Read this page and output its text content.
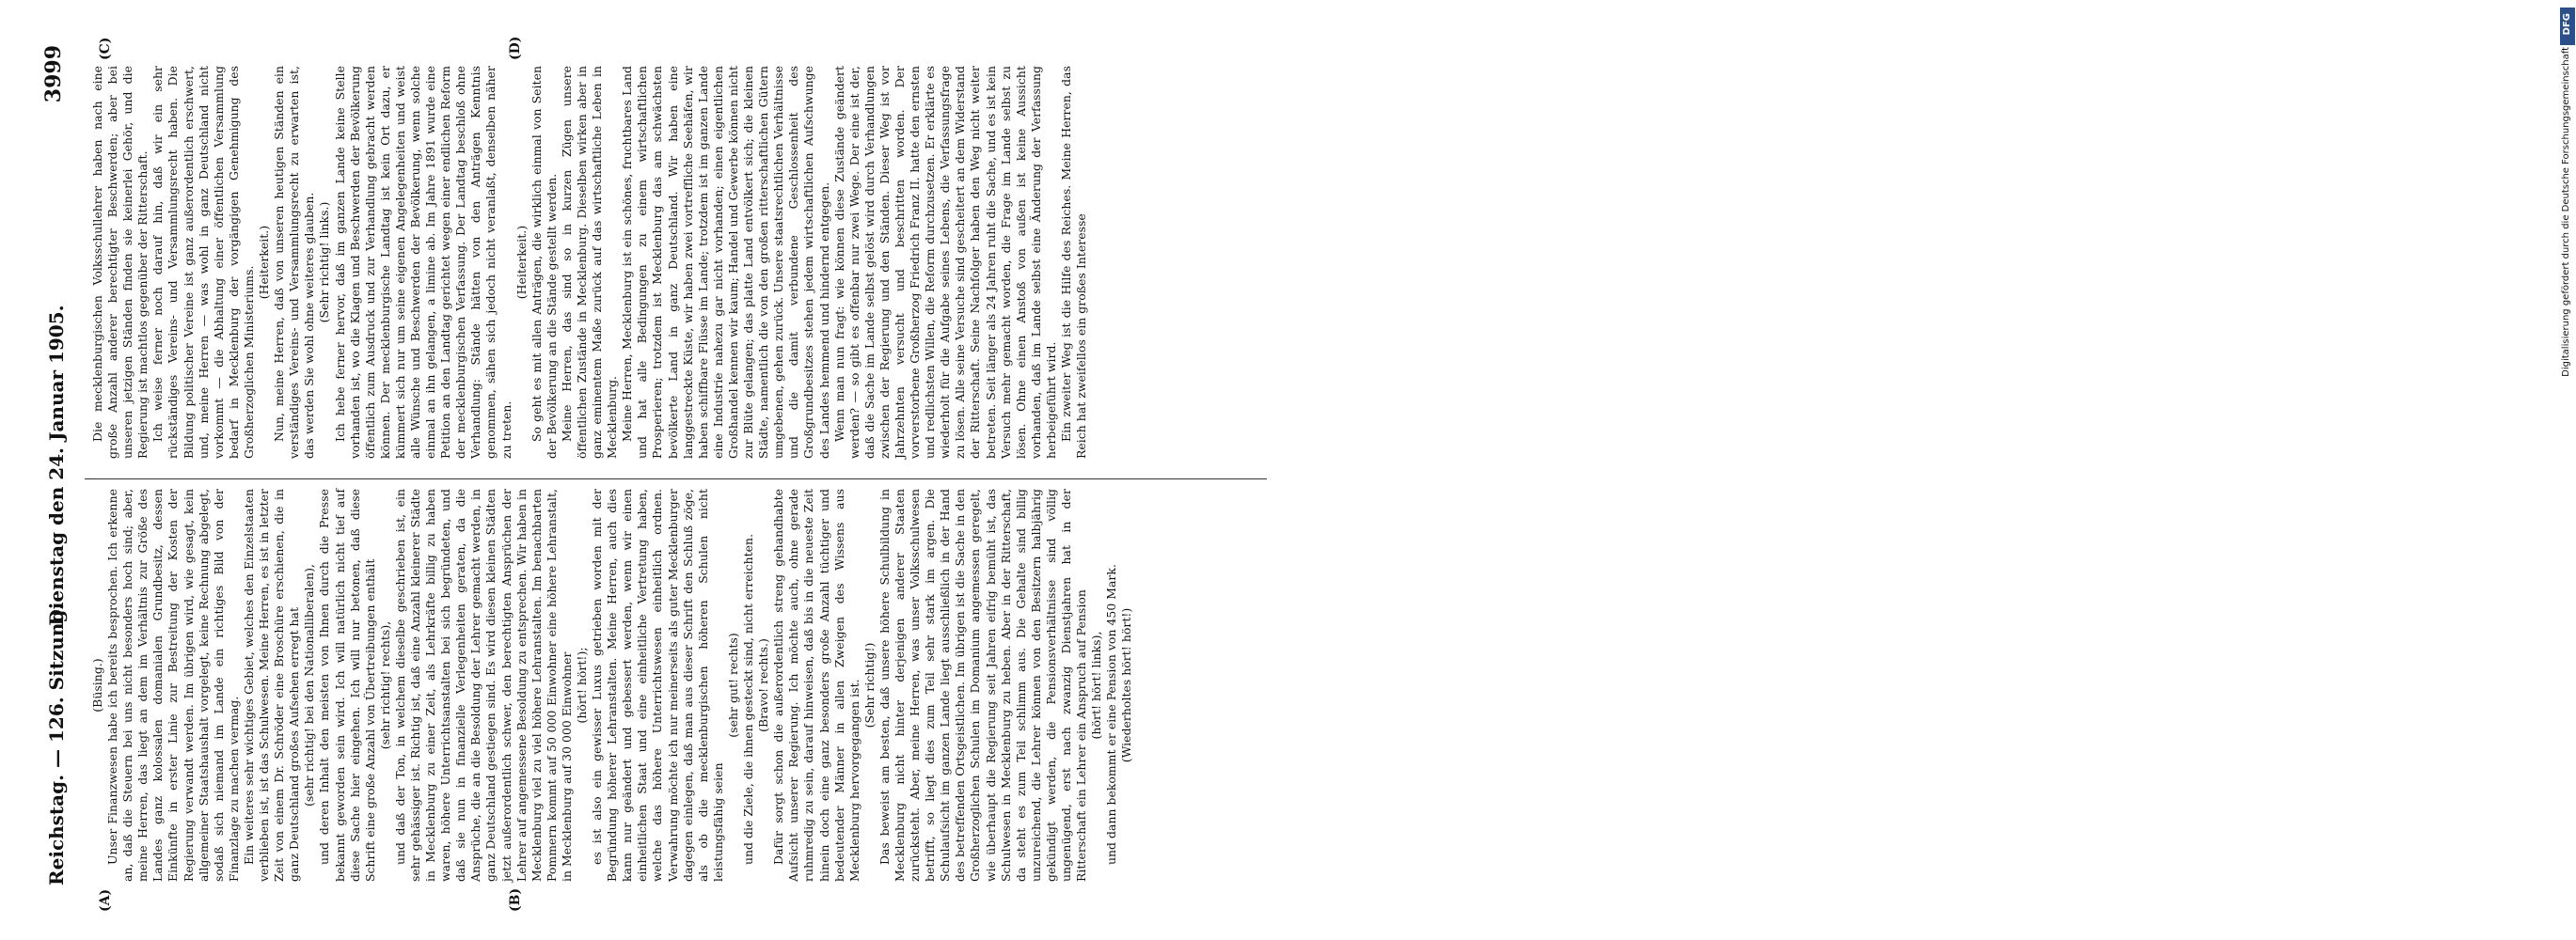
Reichstag. — 126. Sitzung.
Dienstag den 24. Januar 1905.
3999
(A)	(B)
(C)	(D)

(Büsing.) Unser Finanzwesen habe ich bereits besprochen. Ich erkenne an, daß die Steuern bei uns nicht besonders hoch sind; aber, meine Herren, das liegt an dem im Verhältnis zur Größe des Landes ganz kolossalen domanialen Grundbesitz, dessen Einkünfte in erster Linie zur Bestreitung der Kosten der Regierung verwandt werden. Im übrigen wird, wie gesagt, kein allgemeiner Staatshaushalt vorgelegt, keine Rechnung abgelegt, sodaß sich niemand im Lande ein richtiges Bild von der Finanzlage zu machen vermag. Ein weiteres sehr wichtiges Gebiet, welches den Einzelstaaten verblieben ist, ist das Schulwesen. Meine Herren, es ist in letzter Zeit von einem Dr. Schröder eine Broschüre erschienen, die in ganz Deutschland großes Aufsehen erregt hat (sehr richtig! bei den Nationalliberalen), und deren Inhalt den meisten von Ihnen durch die Presse bekannt geworden sein wird. Ich will natürlich nicht tief auf diese Sache hier eingehen. Ich will nur betonen, daß diese Schrift eine große Anzahl von Übertreibungen enthält (sehr richtig! rechts), und daß der Ton, in welchem dieselbe geschrieben ist, ein sehr gehässiger ist. Richtig ist, daß eine Anzahl kleinerer Städte in Mecklenburg zu einer Zeit, als Lehrkräfte billig zu haben waren, höhere Unterrichtsanstalten bei sich begründeten, und daß sie nun in finanzielle Verlegenheiten geraten, da die Ansprüche, die an die Besoldung der Lehrer gemacht werden, in ganz Deutschland gestiegen sind. Es wird diesen kleinen Städten jetzt außerordentlich schwer, den berechtigten Ansprüchen der Lehrer auf angemessene Besoldung zu entsprechen. Wir haben in Mecklenburg viel zu viel höhere Lehranstalten. Im benachbarten Pommern kommt auf 50 000 Einwohner eine höhere Lehranstalt, in Mecklenburg auf 30 000 Einwohner (hört! hört!); es ist also ein gewisser Luxus getrieben worden mit der Begründung höherer Lehranstalten. Meine Herren, auch dies kann nur geändert und gebessert werden, wenn wir einen einheitlichen Staat und eine einheitliche Vertretung haben, welche das höhere Unterrichtswesen einheitlich ordnen. Verwahrung möchte ich nur meinerseits als guter Mecklenburger dagegen einlegen, daß man aus dieser Schrift den Schluß zöge, als ob die mecklenburgischen höheren Schulen nicht leistungsfähig seien

(sehr gut! rechts) und die Ziele, die ihnen gesteckt sind, nicht erreichten. (Bravo! rechts.) Dafür sorgt schon die außerordentlich streng gehandhabte Aufsicht unserer Regierung. Ich möchte auch, ohne gerade ruhmredig zu sein, darauf hinweisen, daß bis in die neueste Zeit hinein doch eine ganz besonders große Anzahl tüchtiger und bedeutender Männer in allen Zweigen des Wissens aus Mecklenburg hervorgegangen ist. (Sehr richtig!) Das beweist am besten, daß unsere höhere Schulbildung in Mecklenburg nicht hinter derjenigen anderer Staaten zurücksteht. Aber, meine Herren, was unser Volksschulwesen betrifft, so liegt dies zum Teil sehr stark im argen. Die Schulaufsicht im ganzen Lande liegt ausschließlich in der Hand des betreffenden Ortsgeistlichen. Im übrigen ist die Sache in den Großherzoglichen Schulen im Domanium angemessen geregelt, wie überhaupt die Regierung seit Jahren eifrig bemüht ist, das Schulwesen in Mecklenburg zu heben. Aber in der Ritterschaft, da steht es zum Teil schlimm aus. Die Gehalte sind billig unzureichend, die Lehrer können von den Besitzern halbjährig gekündigt werden, die Pensionsverhältnisse sind völlig ungenügend, erst nach zwanzig Dienstjahren hat in der Ritterschaft ein Lehrer ein Anspruch auf Pension (hört! hört! links), und dann bekommt er eine Pension von 450 Mark. (Wiederholtes hört! hört!)

Die mecklenburgischen Volksschullehrer haben nach eine große Anzahl anderer berechtigter Beschwerden; aber bei unseren jetzigen Ständen finden sie keinerlei Gehör, und die Regierung ist machtlos gegenüber der Ritterschaft. Ich weise ferner noch darauf hin, daß wir ein sehr rückständiges Vereins- und Versammlungsrecht haben. Die Bildung politischer Vereine ist ganz außerordentlich erschwert, und, meine Herren — was wohl in ganz Deutschland nicht vorkommt — die Abhaltung einer öffentlichen Versammlung bedarf in Mecklenburg der vorgängigen Genehmigung des Großherzoglichen Ministeriums.

(Heiterkeit.) Nun, meine Herren, daß von unseren heutigen Ständen ein verständiges Vereins- und Versammlungsrecht zu erwarten ist, das werden Sie wohl ohne weiteres glauben. (Sehr richtig! links.) Ich hebe ferner hervor, daß im ganzen Lande keine Stelle vorhanden ist, wo die Klagen und Beschwerden der Bevölkerung öffentlich zum Ausdruck und zur Verhandlung gebracht werden können. Der mecklenburgische Landtag ist kein Ort dazu, er kümmert sich nur um seine eigenen Angelegenheiten und weist alle Wünsche und Beschwerden der Bevölkerung, wenn solche einmal an ihn gelangen, a limine ab. Im Jahre 1891 wurde eine Petition an den Landtag gerichtet wegen einer endlichen Reform der mecklenburgischen Verfassung. Der Landtag beschloß ohne Verhandlung: Stände hätten von den Anträgen Kenntnis genommen, sähen sich jedoch nicht veranlaßt, denselben näher zu treten.

(Heiterkeit.) So geht es mit allen Anträgen, die wirklich einmal von Seiten der Bevölkerung an die Stände gestellt werden. Meine Herren, das sind so in kurzen Zügen unsere öffentlichen Zustände in Mecklenburg. Dieselben wirken aber in ganz eminentem Maße zurück auf das wirtschaftliche Leben in Mecklenburg. Meine Herren, Mecklenburg ist ein schönes, fruchtbares Land und hat alle Bedingungen zu einem wirtschaftlichen Prosperieren; trotzdem ist Mecklenburg das am schwächsten bevölkerte Land in ganz Deutschland. Wir haben eine langgestreckte Küste, wir haben zwei vortreffliche Seehäfen, wir haben schiffbare Flüsse im Lande; trotzdem ist im ganzen Lande eine Industrie nahezu gar nicht vorhanden; einen eigentlichen Großhandel kennen wir kaum; Handel und Gewerbe können nicht zur Blüte gelangen; das platte Land entvölkert sich; die kleinen Städte, namentlich die von den großen ritterschaftlichen Gütern umgebenen, gehen zurück. Unsere staatsrechtlichen Verhältnisse und die damit verbundene Geschlossenheit des Großgrundbesitzes stehen jedem wirtschaftlichen Aufschwunge des Landes hemmend und hindernd entgegen. Wenn man nun fragt: wie können diese Zustände geändert werden? — so gibt es offenbar nur zwei Wege. Der eine ist der, daß die Sache im Lande selbst gelöst wird durch Verhandlungen zwischen der Regierung und den Ständen. Dieser Weg ist vor Jahrzehnten versucht und beschritten worden. Der vorverstorbene Großherzog Friedrich Franz II. hatte den ernsten und redlichsten Willen, die Reform durchzusetzen. Er erklärte es wiederholt für die Aufgabe seines Lebens, die Verfassungsfrage zu lösen. Alle seine Versuche sind gescheitert an dem Widerstand der Ritterschaft. Seine Nachfolger haben den Weg nicht weiter betreten. Seit länger als 24 Jahren ruht die Sache, und es ist kein Versuch mehr gemacht worden, die Frage im Lande selbst zu lösen. Ohne einen Anstoß von außen ist keine Aussicht vorhanden, daß im Lande selbst eine Änderung der Verfassung herbeigeführt wird. Ein zweiter Weg ist die Hilfe des Reiches. Meine Herren, das Reich hat zweifellos ein großes Interesse

DFG
Digitalisierung gefördert durch die Deutsche Forschungsgemeinschaft
